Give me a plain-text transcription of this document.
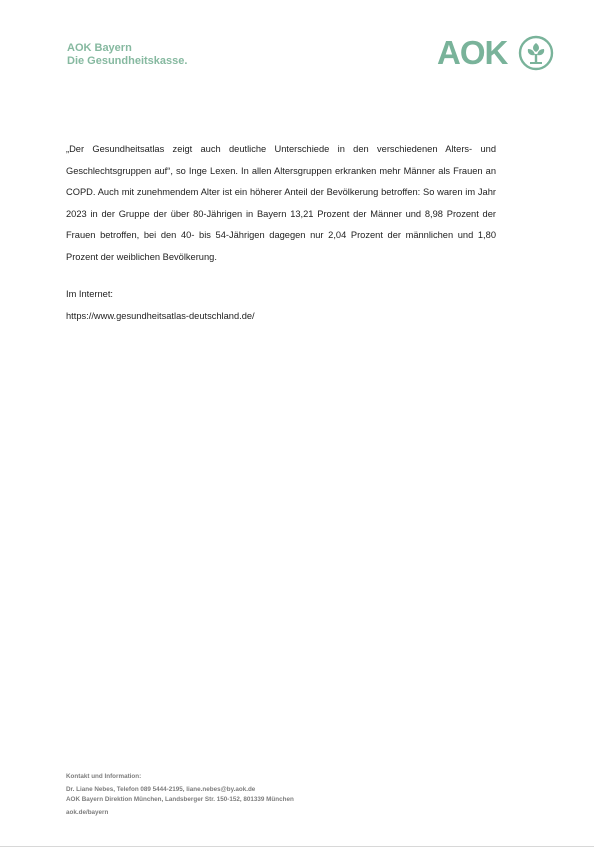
AOK Bayern
Die Gesundheitskasse.	AOK

„Der Gesundheitsatlas zeigt auch deutliche Unterschiede in den verschiedenen Alters- und Geschlechtsgruppen auf“, so Inge Lexen. In allen Altersgruppen erkranken mehr Männer als Frauen an COPD. Auch mit zunehmendem Alter ist ein höherer Anteil der Bevölkerung betroffen: So waren im Jahr 2023 in der Gruppe der über 80-Jährigen in Bayern 13,21 Prozent der Männer und 8,98 Prozent der Frauen betroffen, bei den 40- bis 54-Jährigen dagegen nur 2,04 Prozent der männlichen und 1,80 Prozent der weiblichen Bevölkerung.

Im Internet:
https://www.gesundheitsatlas-deutschland.de/
Kontakt und Information:
Dr. Liane Nebes, Telefon 089 5444-2195, liane.nebes@by.aok.de
AOK Bayern Direktion München, Landsberger Str. 150-152, 801339 München
aok.de/bayern
